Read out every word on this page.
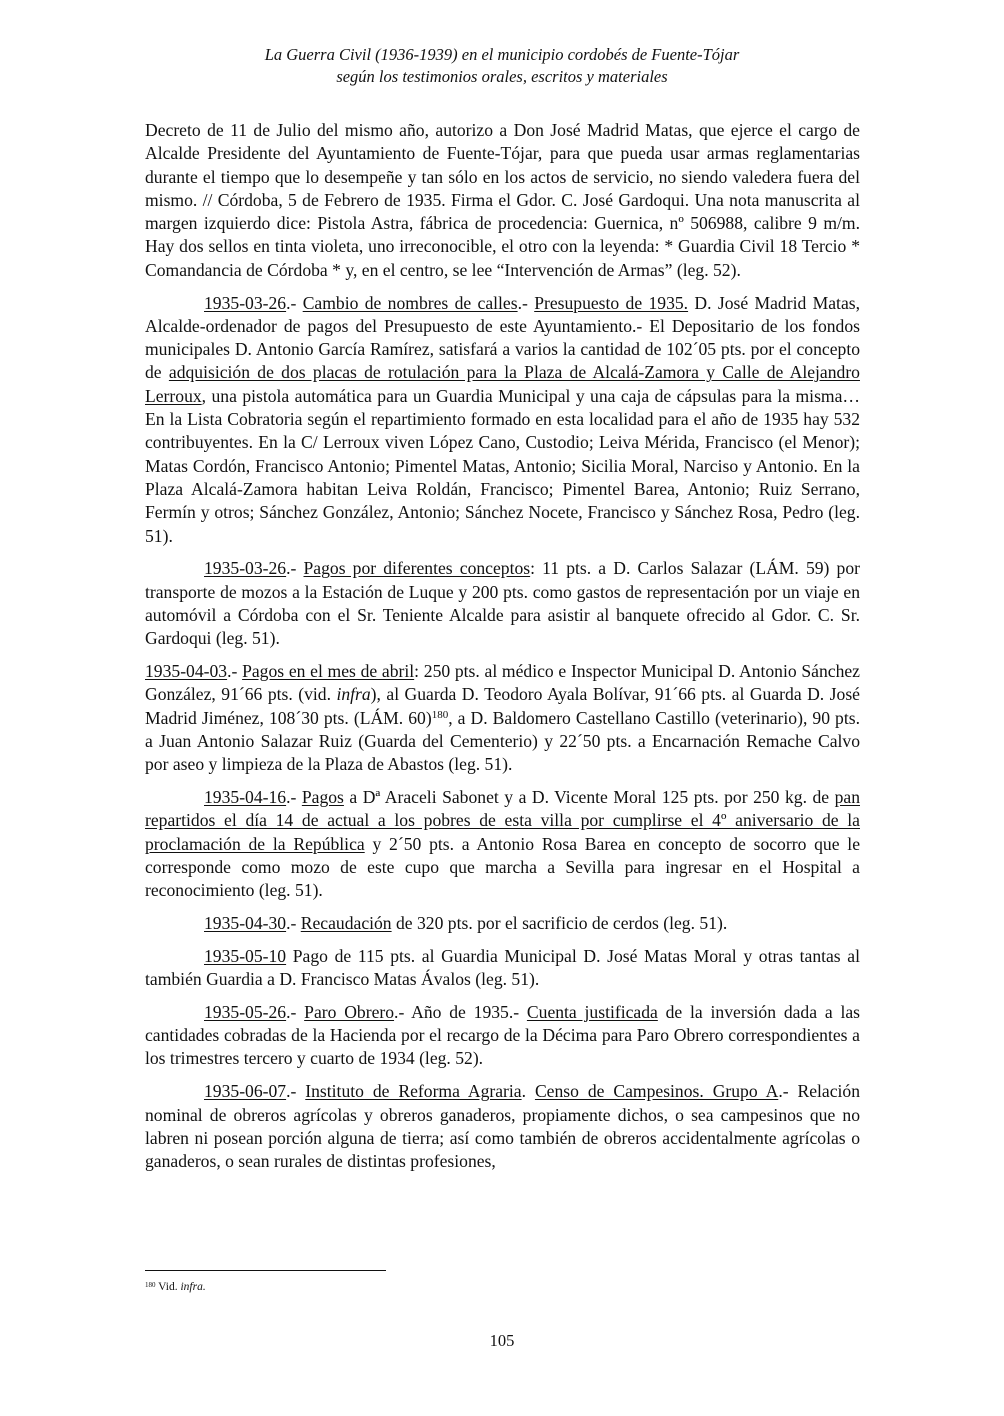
La Guerra Civil (1936-1939) en el municipio cordobés de Fuente-Tójar
según los testimonios orales, escritos y materiales

Decreto de 11 de Julio del mismo año, autorizo a Don José Madrid Matas, que ejerce el cargo de Alcalde Presidente del Ayuntamiento de Fuente-Tójar, para que pueda usar armas reglamentarias durante el tiempo que lo desempeñe y tan sólo en los actos de servicio, no siendo valedera fuera del mismo. // Córdoba, 5 de Febrero de 1935. Firma el Gdor. C. José Gardoqui. Una nota manuscrita al margen izquierdo dice: Pistola Astra, fábrica de procedencia: Guernica, nº 506988, calibre 9 m/m. Hay dos sellos en tinta violeta, uno irreconocible, el otro con la leyenda: * Guardia Civil 18 Tercio * Comandancia de Córdoba * y, en el centro, se lee “Intervención de Armas” (leg. 52).

1935-03-26.- Cambio de nombres de calles.- Presupuesto de 1935. D. José Madrid Matas, Alcalde-ordenador de pagos del Presupuesto de este Ayuntamiento.- El Depositario de los fondos municipales D. Antonio García Ramírez, satisfará a varios la cantidad de 102´05 pts. por el concepto de adquisición de dos placas de rotulación para la Plaza de Alcalá-Zamora y Calle de Alejandro Lerroux, una pistola automática para un Guardia Municipal y una caja de cápsulas para la misma… En la Lista Cobratoria según el repartimiento formado en esta localidad para el año de 1935 hay 532 contribuyentes. En la C/ Lerroux viven López Cano, Custodio; Leiva Mérida, Francisco (el Menor); Matas Cordón, Francisco Antonio; Pimentel Matas, Antonio; Sicilia Moral, Narciso y Antonio. En la Plaza Alcalá-Zamora habitan Leiva Roldán, Francisco; Pimentel Barea, Antonio; Ruiz Serrano, Fermín y otros; Sánchez González, Antonio; Sánchez Nocete, Francisco y Sánchez Rosa, Pedro (leg. 51).

1935-03-26.- Pagos por diferentes conceptos: 11 pts. a D. Carlos Salazar (LÁM. 59) por transporte de mozos a la Estación de Luque y 200 pts. como gastos de representación por un viaje en automóvil a Córdoba con el Sr. Teniente Alcalde para asistir al banquete ofrecido al Gdor. C. Sr. Gardoqui (leg. 51).

1935-04-03.- Pagos en el mes de abril: 250 pts. al médico e Inspector Municipal D. Antonio Sánchez González, 91´66 pts. (vid. infra), al Guarda D. Teodoro Ayala Bolívar, 91´66 pts. al Guarda D. José Madrid Jiménez, 108´30 pts. (LÁM. 60)$^{180}$, a D. Baldomero Castellano Castillo (veterinario), 90 pts. a Juan Antonio Salazar Ruiz (Guarda del Cementerio) y 22´50 pts. a Encarnación Remache Calvo por aseo y limpieza de la Plaza de Abastos (leg. 51).

1935-04-16.- Pagos a Dª Araceli Sabonet y a D. Vicente Moral 125 pts. por 250 kg. de pan repartidos el día 14 de actual a los pobres de esta villa por cumplirse el 4º aniversario de la proclamación de la República y 2´50 pts. a Antonio Rosa Barea en concepto de socorro que le corresponde como mozo de este cupo que marcha a Sevilla para ingresar en el Hospital a reconocimiento (leg. 51).

1935-04-30.- Recaudación de 320 pts. por el sacrificio de cerdos (leg. 51).

1935-05-10 Pago de 115 pts. al Guardia Municipal D. José Matas Moral y otras tantas al también Guardia a D. Francisco Matas Ávalos (leg. 51).

1935-05-26.- Paro Obrero.- Año de 1935.- Cuenta justificada de la inversión dada a las cantidades cobradas de la Hacienda por el recargo de la Décima para Paro Obrero correspondientes a los trimestres tercero y cuarto de 1934 (leg. 52).

1935-06-07.- Instituto de Reforma Agraria. Censo de Campesinos. Grupo A.- Relación nominal de obreros agrícolas y obreros ganaderos, propiamente dichos, o sea campesinos que no labren ni posean porción alguna de tierra; así como también de obreros accidentalmente agrícolas o ganaderos, o sean rurales de distintas profesiones,

$^{180}$ Vid. infra.
105
